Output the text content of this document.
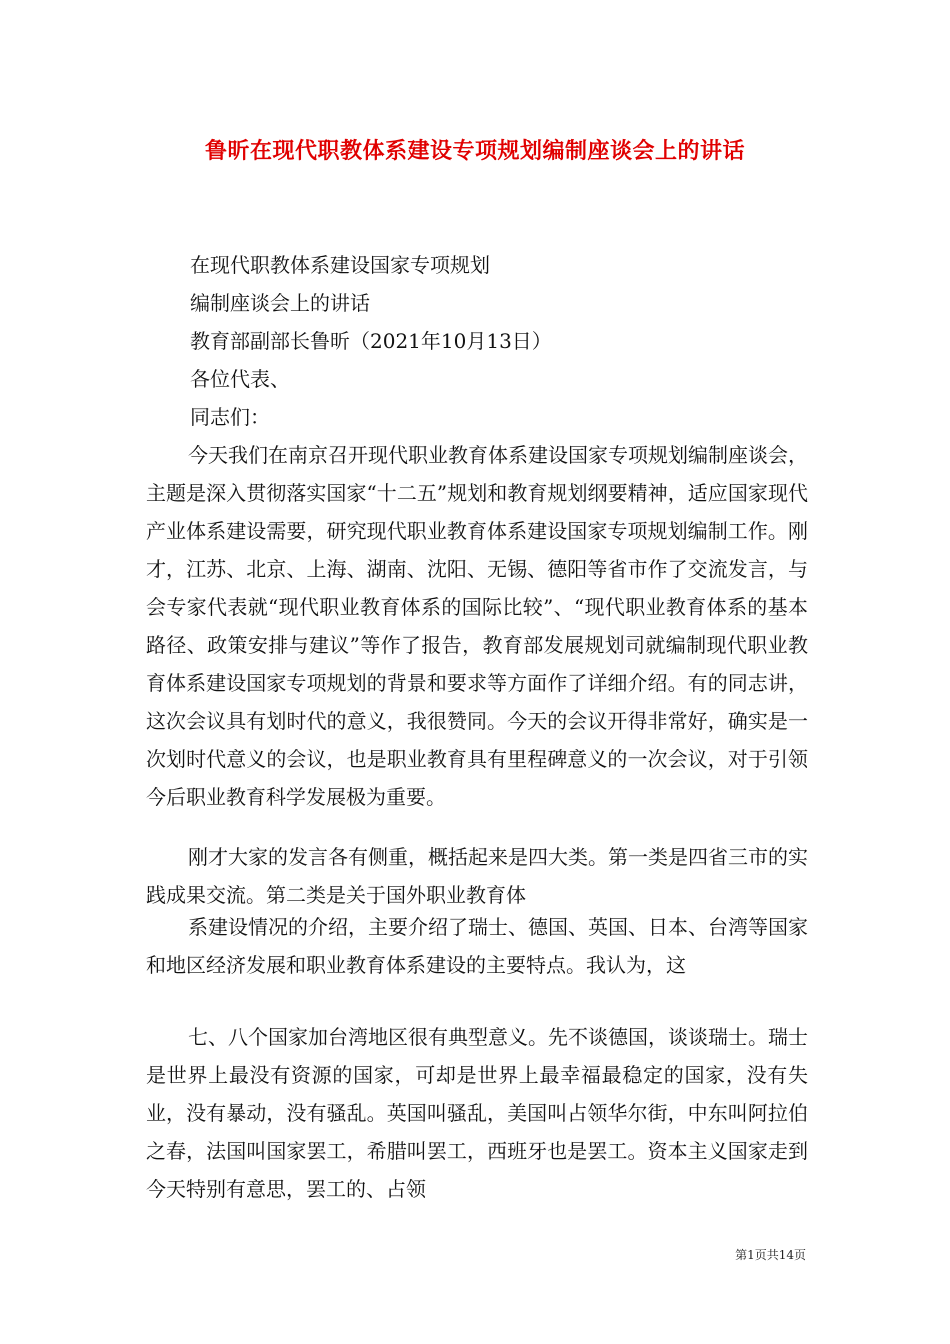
鲁昕在现代职教体系建设专项规划编制座谈会上的讲话
在现代职教体系建设国家专项规划
编制座谈会上的讲话
教育部副部长鲁昕（2021年10月13日）
各位代表、
同志们：

今天我们在南京召开现代职业教育体系建设国家专项规划编制座谈会，主题是深入贯彻落实国家“十二五”规划和教育规划纲要精神，适应国家现代产业体系建设需要，研究现代职业教育体系建设国家专项规划编制工作。刚才，江苏、北京、上海、湖南、沈阳、无锡、德阳等省市作了交流发言，与会专家代表就“现代职业教育体系的国际比较”、“现代职业教育体系的基本路径、政策安排与建议”等作了报告，教育部发展规划司就编制现代职业教育体系建设国家专项规划的背景和要求等方面作了详细介绍。有的同志讲，这次会议具有划时代的意义，我很赞同。今天的会议开得非常好，确实是一次划时代意义的会议，也是职业教育具有里程碑意义的一次会议，对于引领今后职业教育科学发展极为重要。

刚才大家的发言各有侧重，概括起来是四大类。第一类是四省三市的实践成果交流。第二类是关于国外职业教育体

系建设情况的介绍，主要介绍了瑞士、德国、英国、日本、台湾等国家和地区经济发展和职业教育体系建设的主要特点。我认为，这

七、八个国家加台湾地区很有典型意义。先不谈德国，谈谈瑞士。瑞士是世界上最没有资源的国家，可却是世界上最幸福最稳定的国家，没有失业，没有暴动，没有骚乱。英国叫骚乱，美国叫占领华尔街，中东叫阿拉伯之春，法国叫国家罢工，希腊叫罢工，西班牙也是罢工。资本主义国家走到今天特别有意思，罢工的、占领

第1页共14页
